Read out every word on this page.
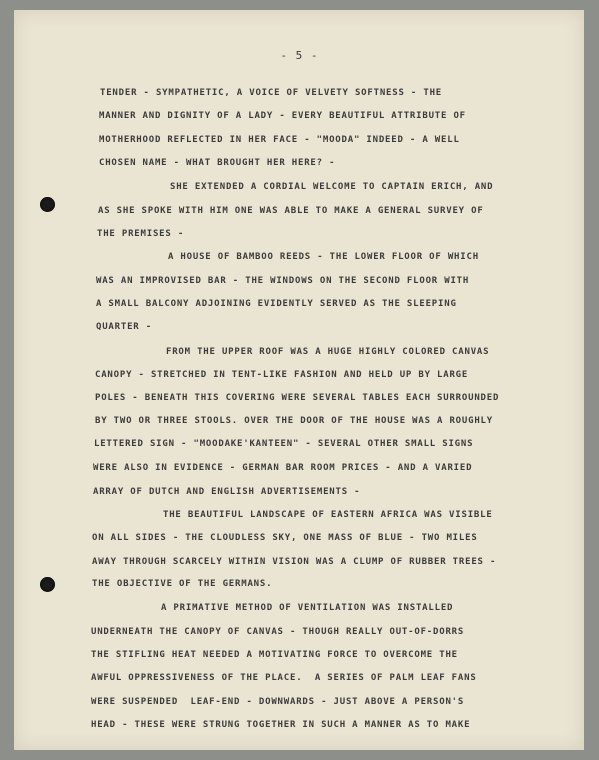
- 5 -
TENDER - SYMPATHETIC, A VOICE OF VELVETY SOFTNESS - THE
MANNER AND DIGNITY OF A LADY - EVERY BEAUTIFUL ATTRIBUTE OF
MOTHERHOOD REFLECTED IN HER FACE - "MOODA" INDEED - A WELL
CHOSEN NAME - WHAT BROUGHT HER HERE? -
SHE EXTENDED A CORDIAL WELCOME TO CAPTAIN ERICH, AND
AS SHE SPOKE WITH HIM ONE WAS ABLE TO MAKE A GENERAL SURVEY OF
THE PREMISES -
A HOUSE OF BAMBOO REEDS - THE LOWER FLOOR OF WHICH
WAS AN IMPROVISED BAR - THE WINDOWS ON THE SECOND FLOOR WITH
A SMALL BALCONY ADJOINING EVIDENTLY SERVED AS THE SLEEPING
QUARTER -
FROM THE UPPER ROOF WAS A HUGE HIGHLY COLORED CANVAS
CANOPY - STRETCHED IN TENT-LIKE FASHION AND HELD UP BY LARGE
POLES - BENEATH THIS COVERING WERE SEVERAL TABLES EACH SURROUNDED
BY TWO OR THREE STOOLS. OVER THE DOOR OF THE HOUSE WAS A ROUGHLY
LETTERED SIGN - "MOODAKE'KANTEEN" - SEVERAL OTHER SMALL SIGNS
WERE ALSO IN EVIDENCE - GERMAN BAR ROOM PRICES - AND A VARIED
ARRAY OF DUTCH AND ENGLISH ADVERTISEMENTS -
THE BEAUTIFUL LANDSCAPE OF EASTERN AFRICA WAS VISIBLE
ON ALL SIDES - THE CLOUDLESS SKY, ONE MASS OF BLUE - TWO MILES
AWAY THROUGH SCARCELY WITHIN VISION WAS A CLUMP OF RUBBER TREES -
THE OBJECTIVE OF THE GERMANS.
A PRIMATIVE METHOD OF VENTILATION WAS INSTALLED
UNDERNEATH THE CANOPY OF CANVAS - THOUGH REALLY OUT-OF-DORRS
THE STIFLING HEAT NEEDED A MOTIVATING FORCE TO OVERCOME THE
AWFUL OPPRESSIVENESS OF THE PLACE.  A SERIES OF PALM LEAF FANS
WERE SUSPENDED  LEAF-END - DOWNWARDS - JUST ABOVE A PERSON'S
HEAD - THESE WERE STRUNG TOGETHER IN SUCH A MANNER AS TO MAKE
